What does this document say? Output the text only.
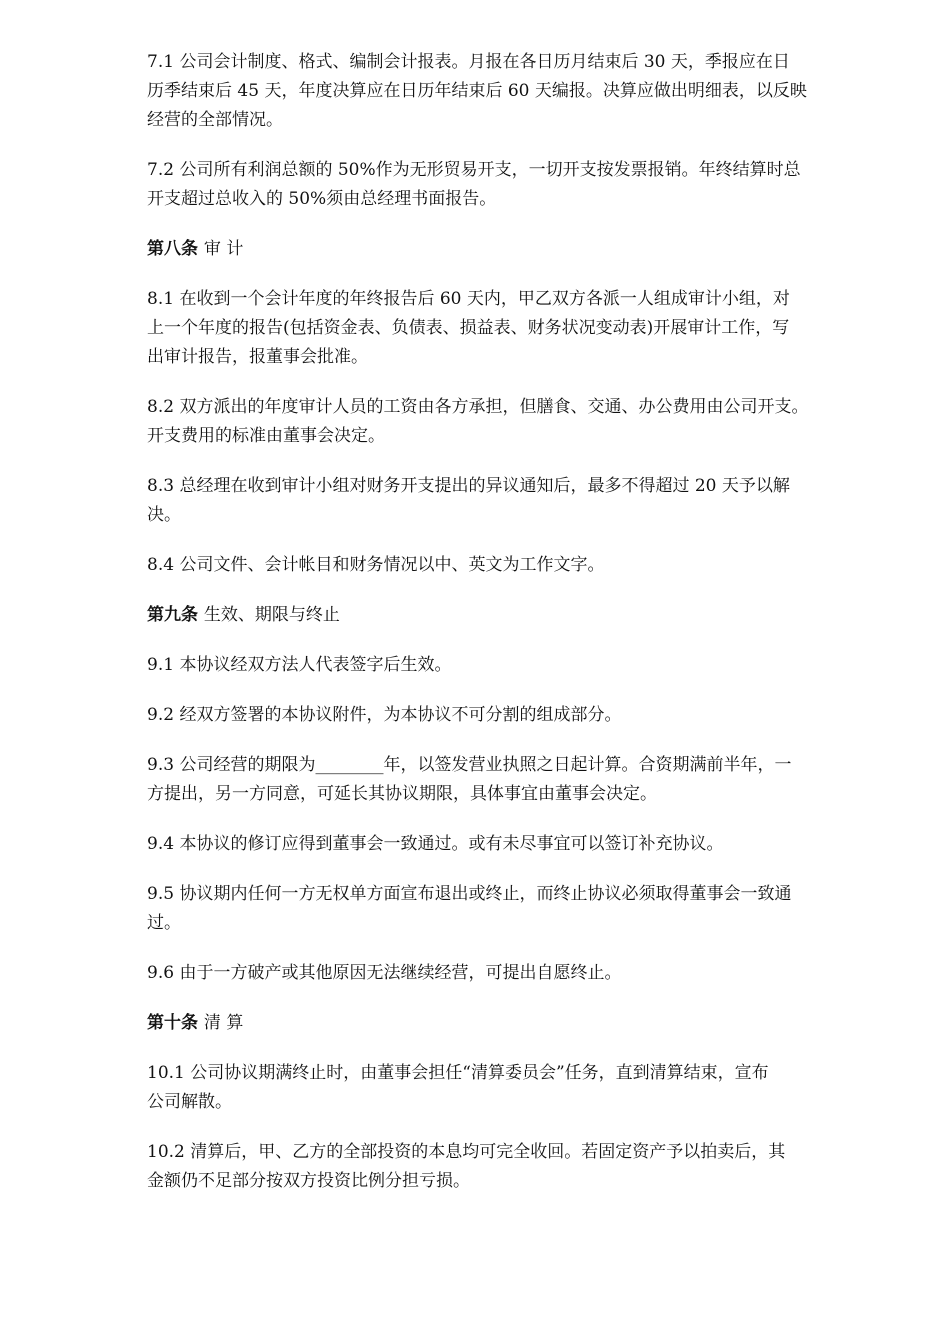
7.1 公司会计制度、格式、编制会计报表。月报在各日历月结束后 30 天，季报应在日
历季结束后 45 天，年度决算应在日历年结束后 60 天编报。决算应做出明细表，以反映
经营的全部情况。
7.2 公司所有利润总额的 50%作为无形贸易开支，一切开支按发票报销。年终结算时总
开支超过总收入的 50%须由总经理书面报告。
第八条 审 计
8.1 在收到一个会计年度的年终报告后 60 天内，甲乙双方各派一人组成审计小组，对
上一个年度的报告(包括资金表、负债表、损益表、财务状况变动表)开展审计工作，写
出审计报告，报董事会批准。
8.2 双方派出的年度审计人员的工资由各方承担，但膳食、交通、办公费用由公司开支。
开支费用的标准由董事会决定。
8.3 总经理在收到审计小组对财务开支提出的异议通知后，最多不得超过 20 天予以解
决。
8.4 公司文件、会计帐目和财务情况以中、英文为工作文字。
第九条 生效、期限与终止
9.1 本协议经双方法人代表签字后生效。
9.2 经双方签署的本协议附件，为本协议不可分割的组成部分。
9.3 公司经营的期限为________年，以签发营业执照之日起计算。合资期满前半年，一
方提出，另一方同意，可延长其协议期限，具体事宜由董事会决定。
9.4 本协议的修订应得到董事会一致通过。或有未尽事宜可以签订补充协议。
9.5 协议期内任何一方无权单方面宣布退出或终止，而终止协议必须取得董事会一致通
过。
9.6 由于一方破产或其他原因无法继续经营，可提出自愿终止。
第十条 清 算
10.1 公司协议期满终止时，由董事会担任“清算委员会”任务，直到清算结束，宣布
公司解散。
10.2 清算后，甲、乙方的全部投资的本息均可完全收回。若固定资产予以拍卖后，其
金额仍不足部分按双方投资比例分担亏损。
